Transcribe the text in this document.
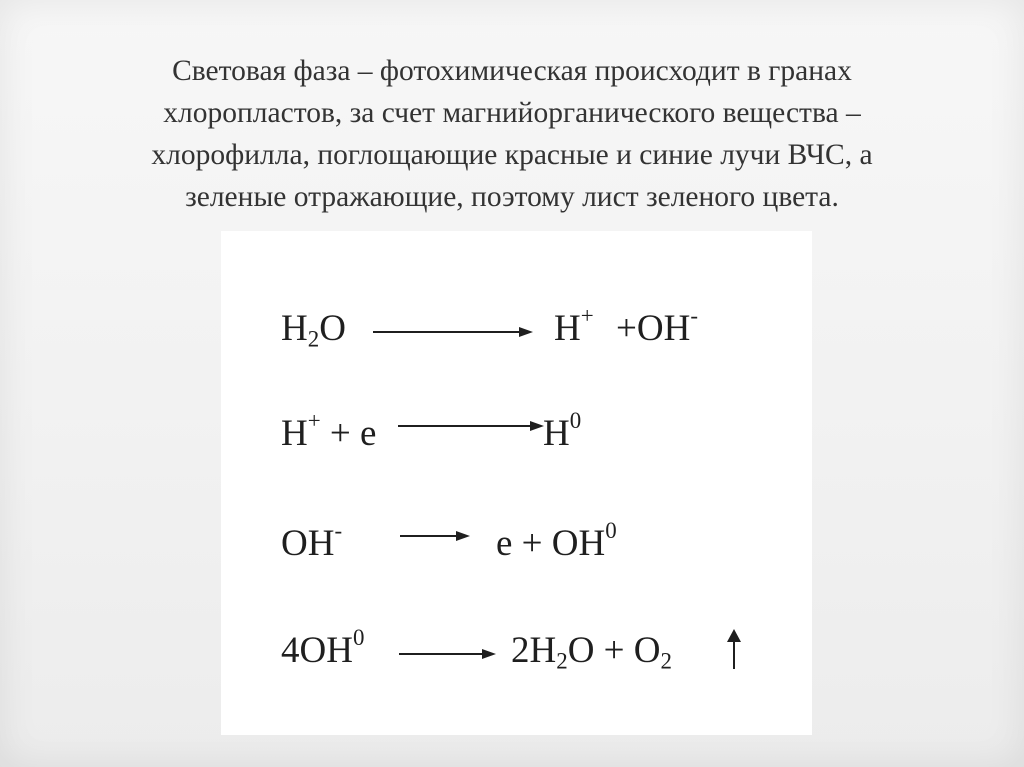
Световая фаза – фотохимическая происходит в гранах
хлоропластов, за счет магнийорганического вещества –
хлорофилла, поглощающие красные и синие лучи ВЧС, а
зеленые отражающие, поэтому лист зеленого цвета.
$H_2O$	H+ +OH-
H+ + e	$H^0$
OH-	$e + OH^0$
$4OH^0$	$2H_2O + O_2$
